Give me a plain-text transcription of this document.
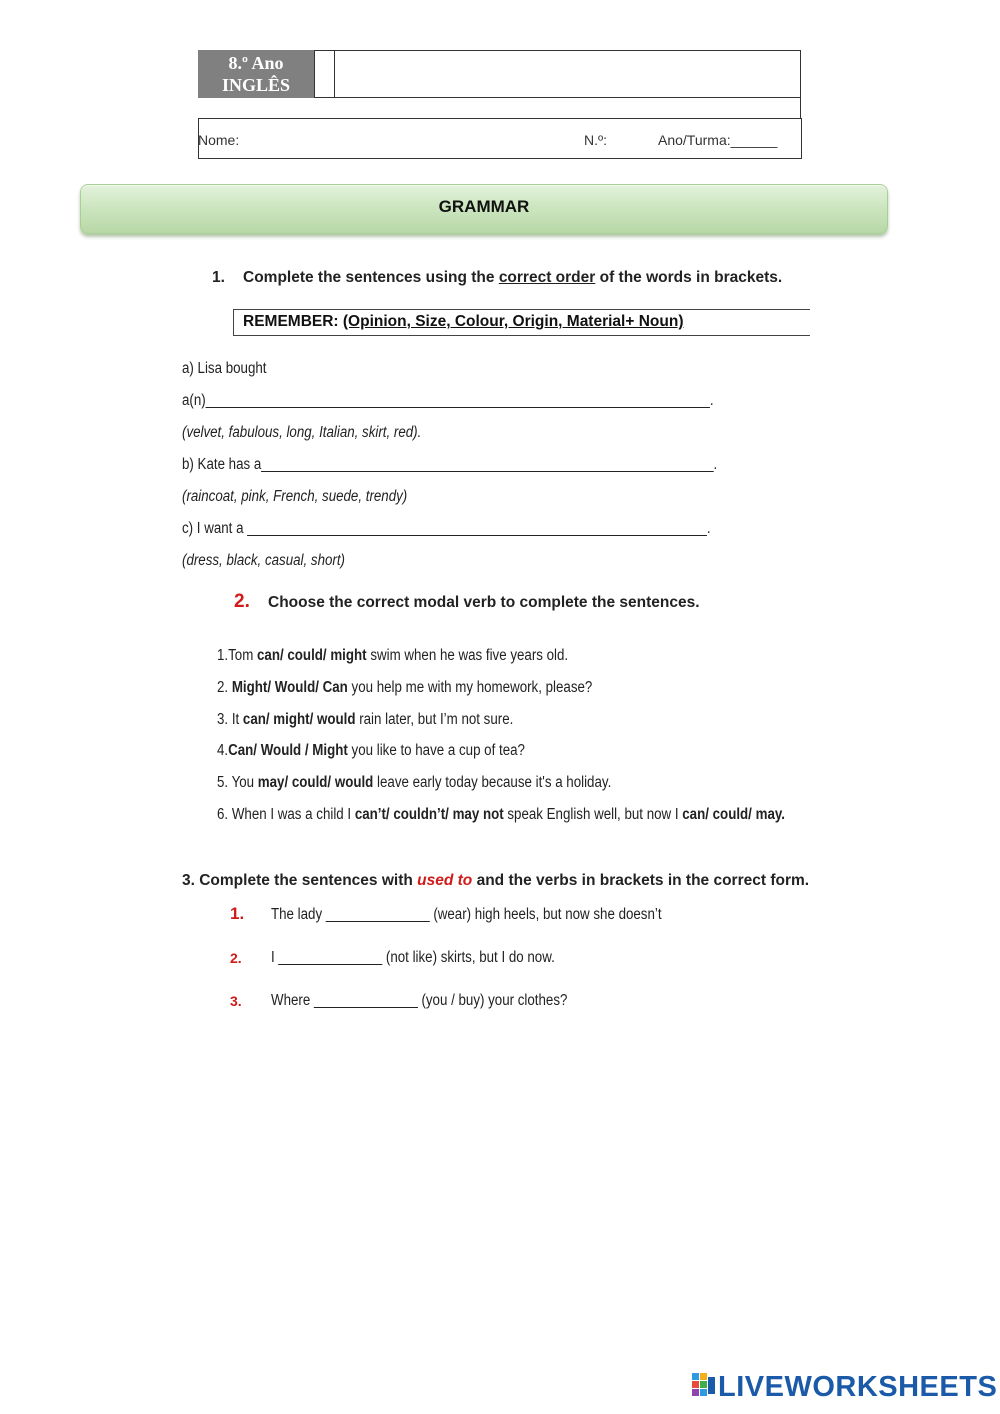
8.º Ano
INGLÊS
Nome:	N.º:	Ano/Turma:______
GRAMMAR
1. Complete the sentences using the correct order of the words in brackets.
REMEMBER: (Opinion, Size, Colour, Origin, Material+ Noun)
a) Lisa bought
a(n)____________________________________________________________________.
(velvet, fabulous, long, Italian, skirt, red).
b) Kate has a_____________________________________________________________.
(raincoat, pink, French, suede, trendy)
c) I want a ______________________________________________________________.
(dress, black, casual, short)
2. Choose the correct modal verb to complete the sentences.
1.Tom can/ could/ might swim when he was five years old.
2. Might/ Would/ Can you help me with my homework, please?
3. It can/ might/ would rain later, but I’m not sure.
4.Can/ Would / Might you like to have a cup of tea?
5. You may/ could/ would leave early today because it's a holiday.
6. When I was a child I can’t/ couldn’t/ may not speak English well, but now I can/ could/ may.
3. Complete the sentences with used to and the verbs in brackets in the correct form.
1. The lady ______________ (wear) high heels, but now she doesn’t
2. I ______________ (not like) skirts, but I do now.
3. Where ______________ (you / buy) your clothes?
LIVEWORKSHEETS
